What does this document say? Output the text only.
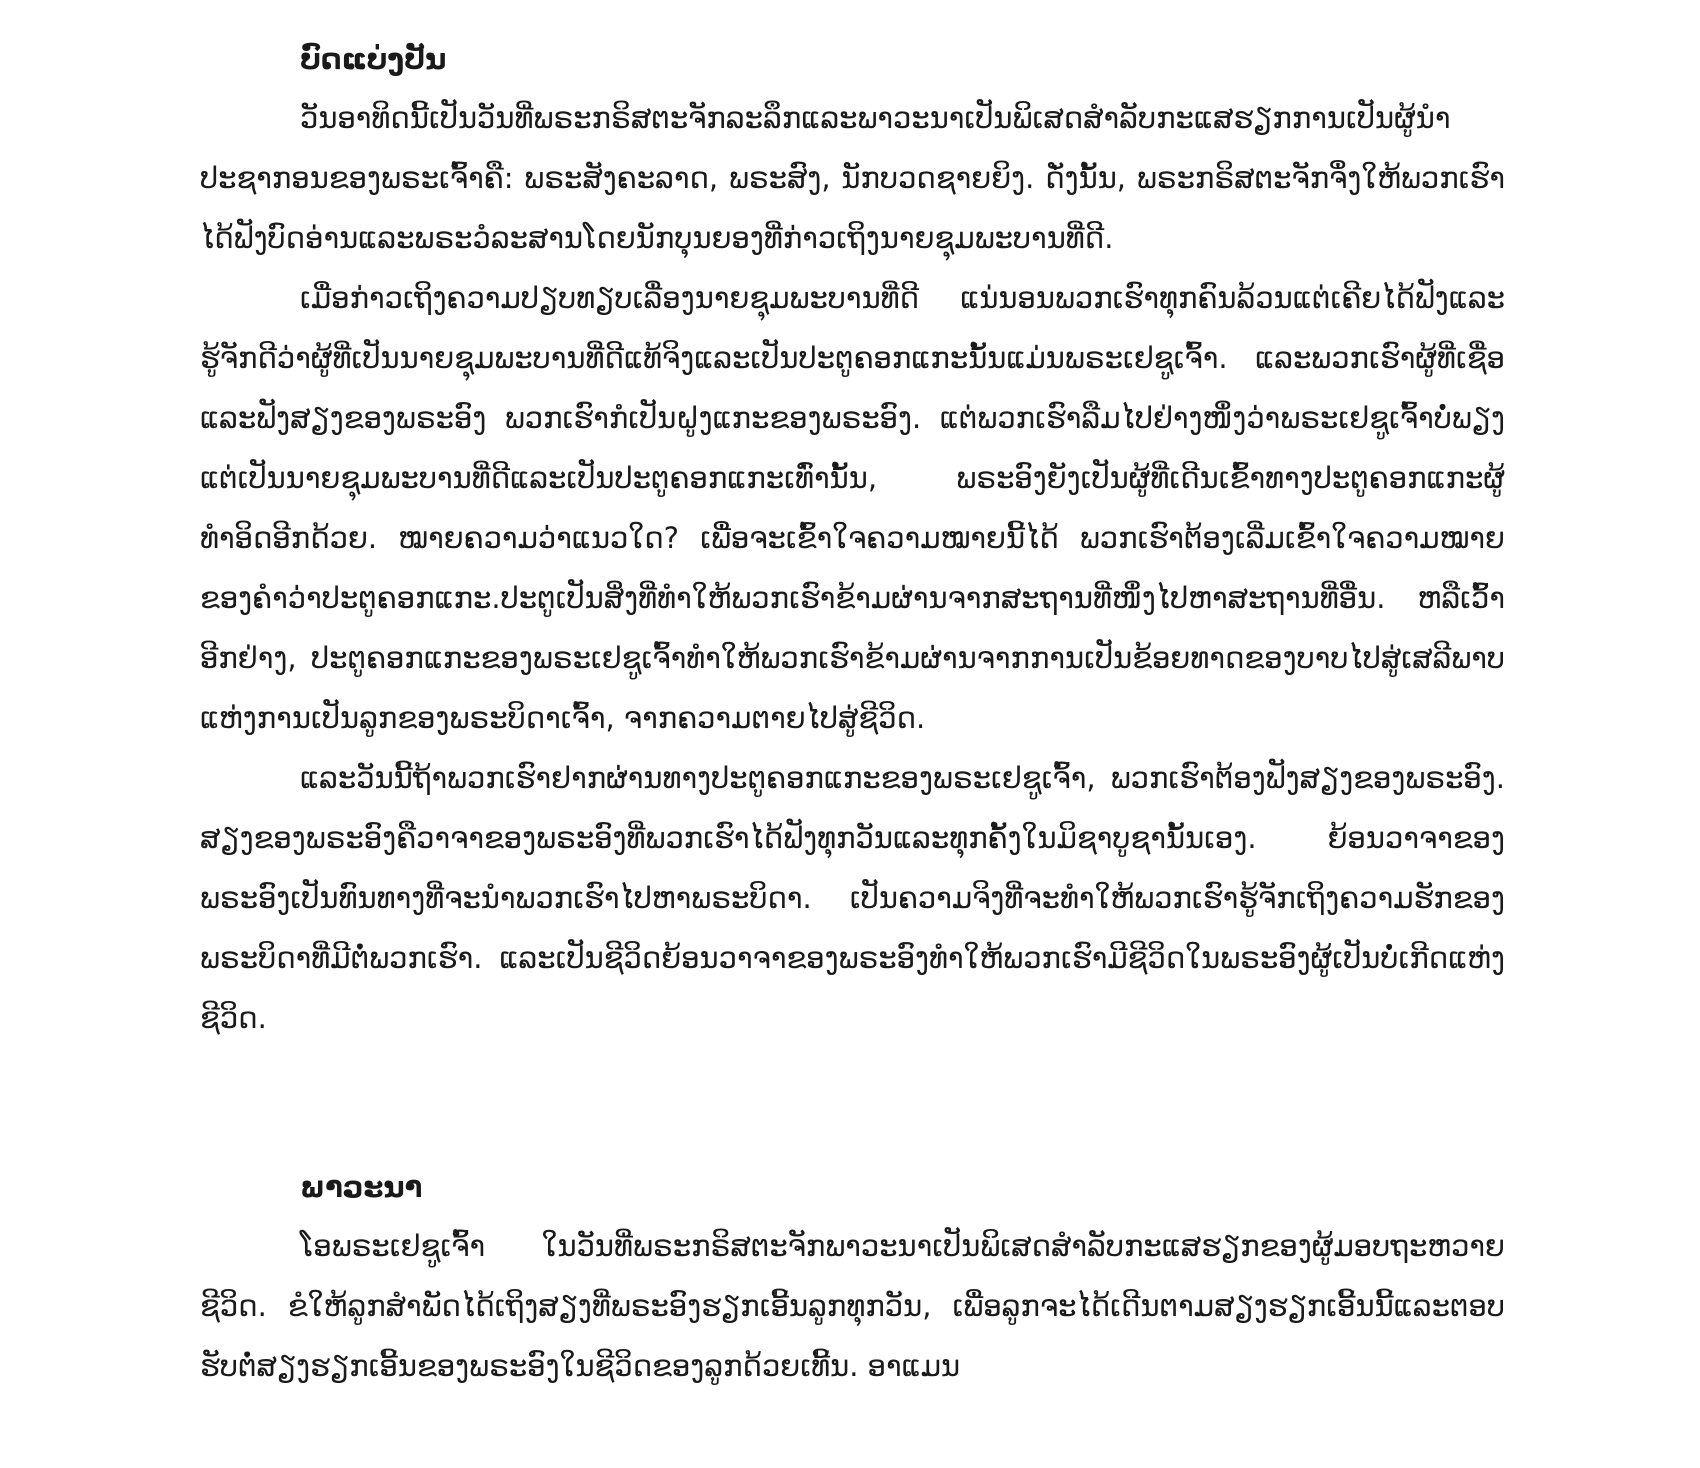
ບົດແບ່ງປັນ

ວັນອາທິດນີ້ເປັນວັນທີ່ພຣະກຣິສຕະຈັກລະລຶກແລະພາວະນາເປັນພິເສດສຳລັບກະແສຮຽກການເປັນຜູ້ນຳປະຊາກອນຂອງພຣະເຈົ້າຄື: ພຣະສັງຄະລາດ, ພຣະສົງ, ນັກບວດຊາຍຍິງ. ດັ່ງນັ້ນ, ພຣະກຣິສຕະຈັກຈຶ່ງໃຫ້ພວກເຮົາໄດ້ຟັງບົດອ່ານແລະພຣະວໍລະສານໂດຍນັກບຸນຍອງທີ່ກ່າວເຖິງນາຍຊຸມພະບານທີ່ດີ.

ເມື່ອກ່າວເຖິງຄວາມປຽບທຽບເລື່ອງນາຍຊຸມພະບານທີ່ດີ ແນ່ນອນພວກເຮົາທຸກຄົນລ້ວນແຕ່ເຄີຍໄດ້ຟັງແລະຮູ້ຈັກດີວ່າຜູ້ທີ່ເປັນນາຍຊຸມພະບານທີ່ດີແທ້ຈິງແລະເປັນປະຕູຄອກແກະນັ້ນແມ່ນພຣະເຢຊູເຈົ້າ. ແລະພວກເຮົາຜູ້ທີ່ເຊື່ອແລະຟັງສຽງຂອງພຣະອົງ ພວກເຮົາກໍເປັນຝູງແກະຂອງພຣະອົງ. ແຕ່ພວກເຮົາລືມໄປຢ່າງໜຶ່ງວ່າພຣະເຢຊູເຈົ້າບໍ່ພຽງແຕ່ເປັນນາຍຊຸມພະບານທີ່ດີແລະເປັນປະຕູຄອກແກະເທົ່ານັ້ນ, ພຣະອົງຍັງເປັນຜູ້ທີ່ເດີນເຂົ້າທາງປະຕູຄອກແກະຜູ້ທຳອິດອີກດ້ວຍ. ໝາຍຄວາມວ່າແນວໃດ? ເພື່ອຈະເຂົ້າໃຈຄວາມໝາຍນີ້ໄດ້ ພວກເຮົາຕ້ອງເລີ່ມເຂົ້າໃຈຄວາມໝາຍຂອງຄຳວ່າປະຕູຄອກແກະ.ປະຕູເປັນສິ່ງທີ່ທຳໃຫ້ພວກເຮົາຂ້າມຜ່ານຈາກສະຖານທີ່ໜຶ່ງໄປຫາສະຖານທີ່ອື່ນ. ຫລືເວົ້າອີກຢ່າງ, ປະຕູຄອກແກະຂອງພຣະເຢຊູເຈົ້າທຳໃຫ້ພວກເຮົາຂ້າມຜ່ານຈາກການເປັນຂ້ອຍທາດຂອງບາບໄປສູ່ເສລີພາບແຫ່ງການເປັນລູກຂອງພຣະບິດາເຈົ້າ, ຈາກຄວາມຕາຍໄປສູ່ຊີວິດ.

ແລະວັນນີ້ຖ້າພວກເຮົາຢາກຜ່ານທາງປະຕູຄອກແກະຂອງພຣະເຢຊູເຈົ້າ, ພວກເຮົາຕ້ອງຟັງສຽງຂອງພຣະອົງ. ສຽງຂອງພຣະອົງຄືວາຈາຂອງພຣະອົງທີ່ພວກເຮົາໄດ້ຟັງທຸກວັນແລະທຸກຄັ້ງໃນມິຊາບູຊານັ້ນເອງ. ຍ້ອນວາຈາຂອງພຣະອົງເປັນທົນທາງທີ່ຈະນຳພວກເຮົາໄປຫາພຣະບິດາ. ເປັນຄວາມຈິງທີ່ຈະທຳໃຫ້ພວກເຮົາຮູ້ຈັກເຖິງຄວາມຮັກຂອງພຣະບິດາທີ່ມີຕໍ່ພວກເຮົາ. ແລະເປັນຊີວິດຍ້ອນວາຈາຂອງພຣະອົງທຳໃຫ້ພວກເຮົາມີຊີວິດໃນພຣະອົງຜູ້ເປັນບໍ່ເກີດແຫ່ງຊີວິດ.

ພາວະນາ

ໂອພຣະເຢຊູເຈົ້າ ໃນວັນທີ່ພຣະກຣິສຕະຈັກພາວະນາເປັນພິເສດສຳລັບກະແສຮຽກຂອງຜູ້ມອບຖະຫວາຍຊີວິດ. ຂໍໃຫ້ລູກສຳພັດໄດ້ເຖິງສຽງທີ່ພຣະອົງຮຽກເອີ້ນລູກທຸກວັນ, ເພື່ອລູກຈະໄດ້ເດີນຕາມສຽງຮຽກເອີ້ນນີ້ແລະຕອບຮັບຕໍ່ສຽງຮຽກເອີ້ນຂອງພຣະອົງໃນຊີວິດຂອງລູກດ້ວຍເທີ້ນ. ອາແມນ
